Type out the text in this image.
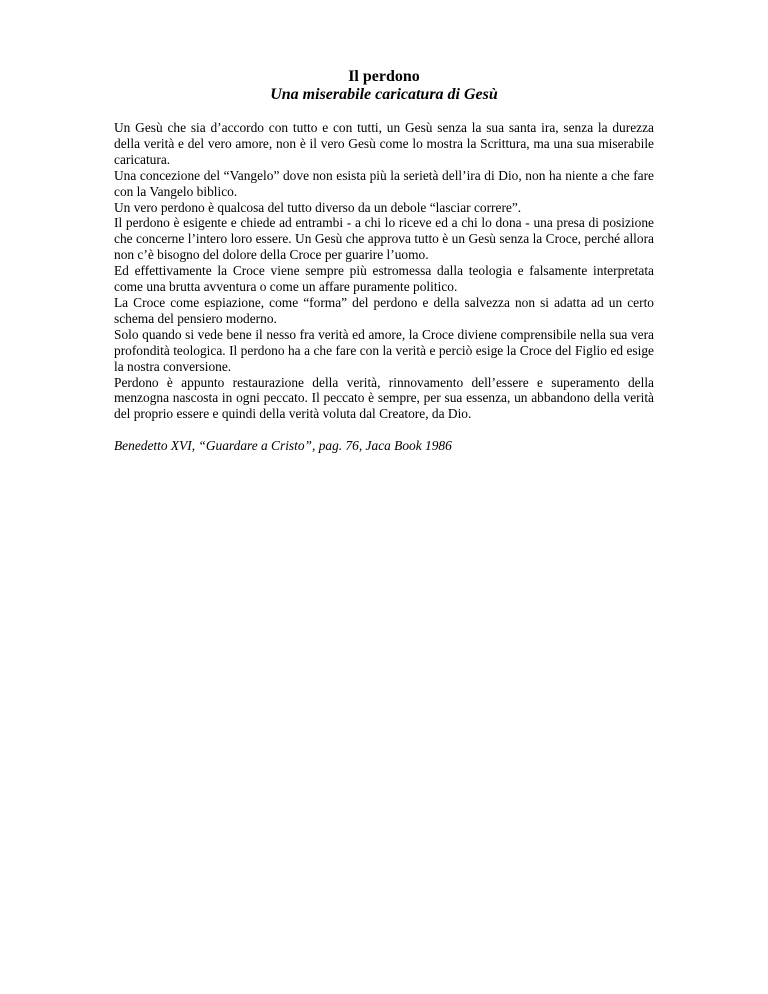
Il perdono
Una miserabile caricatura di Gesù

Un Gesù che sia d’accordo con tutto e con tutti, un Gesù senza la sua santa ira, senza la durezza della verità e del vero amore, non è il vero Gesù come lo mostra la Scrittura, ma una sua miserabile caricatura.

Una concezione del “Vangelo” dove non esista più la serietà dell’ira di Dio, non ha niente a che fare con la Vangelo biblico.

Un vero perdono è qualcosa del tutto diverso da un debole “lasciar correre”.

Il perdono è esigente e chiede ad entrambi - a chi lo riceve ed a chi lo dona - una presa di posizione che concerne l’intero loro essere. Un Gesù che approva tutto è un Gesù senza la Croce, perché allora non c’è bisogno del dolore della Croce per guarire l’uomo.

Ed effettivamente la Croce viene sempre più estromessa dalla teologia e falsamente interpretata come una brutta avventura o come un affare puramente politico.

La Croce come espiazione, come “forma” del perdono e della salvezza non si adatta ad un certo schema del pensiero moderno.

Solo quando si vede bene il nesso fra verità ed amore, la Croce diviene comprensibile nella sua vera profondità teologica. Il perdono ha a che fare con la verità e perciò esige la Croce del Figlio ed esige la nostra conversione.

Perdono è appunto restaurazione della verità, rinnovamento dell’essere e superamento della menzogna nascosta in ogni peccato. Il peccato è sempre, per sua essenza, un abbandono della verità del proprio essere e quindi della verità voluta dal Creatore, da Dio.

Benedetto XVI, “Guardare a Cristo”, pag. 76, Jaca Book 1986
